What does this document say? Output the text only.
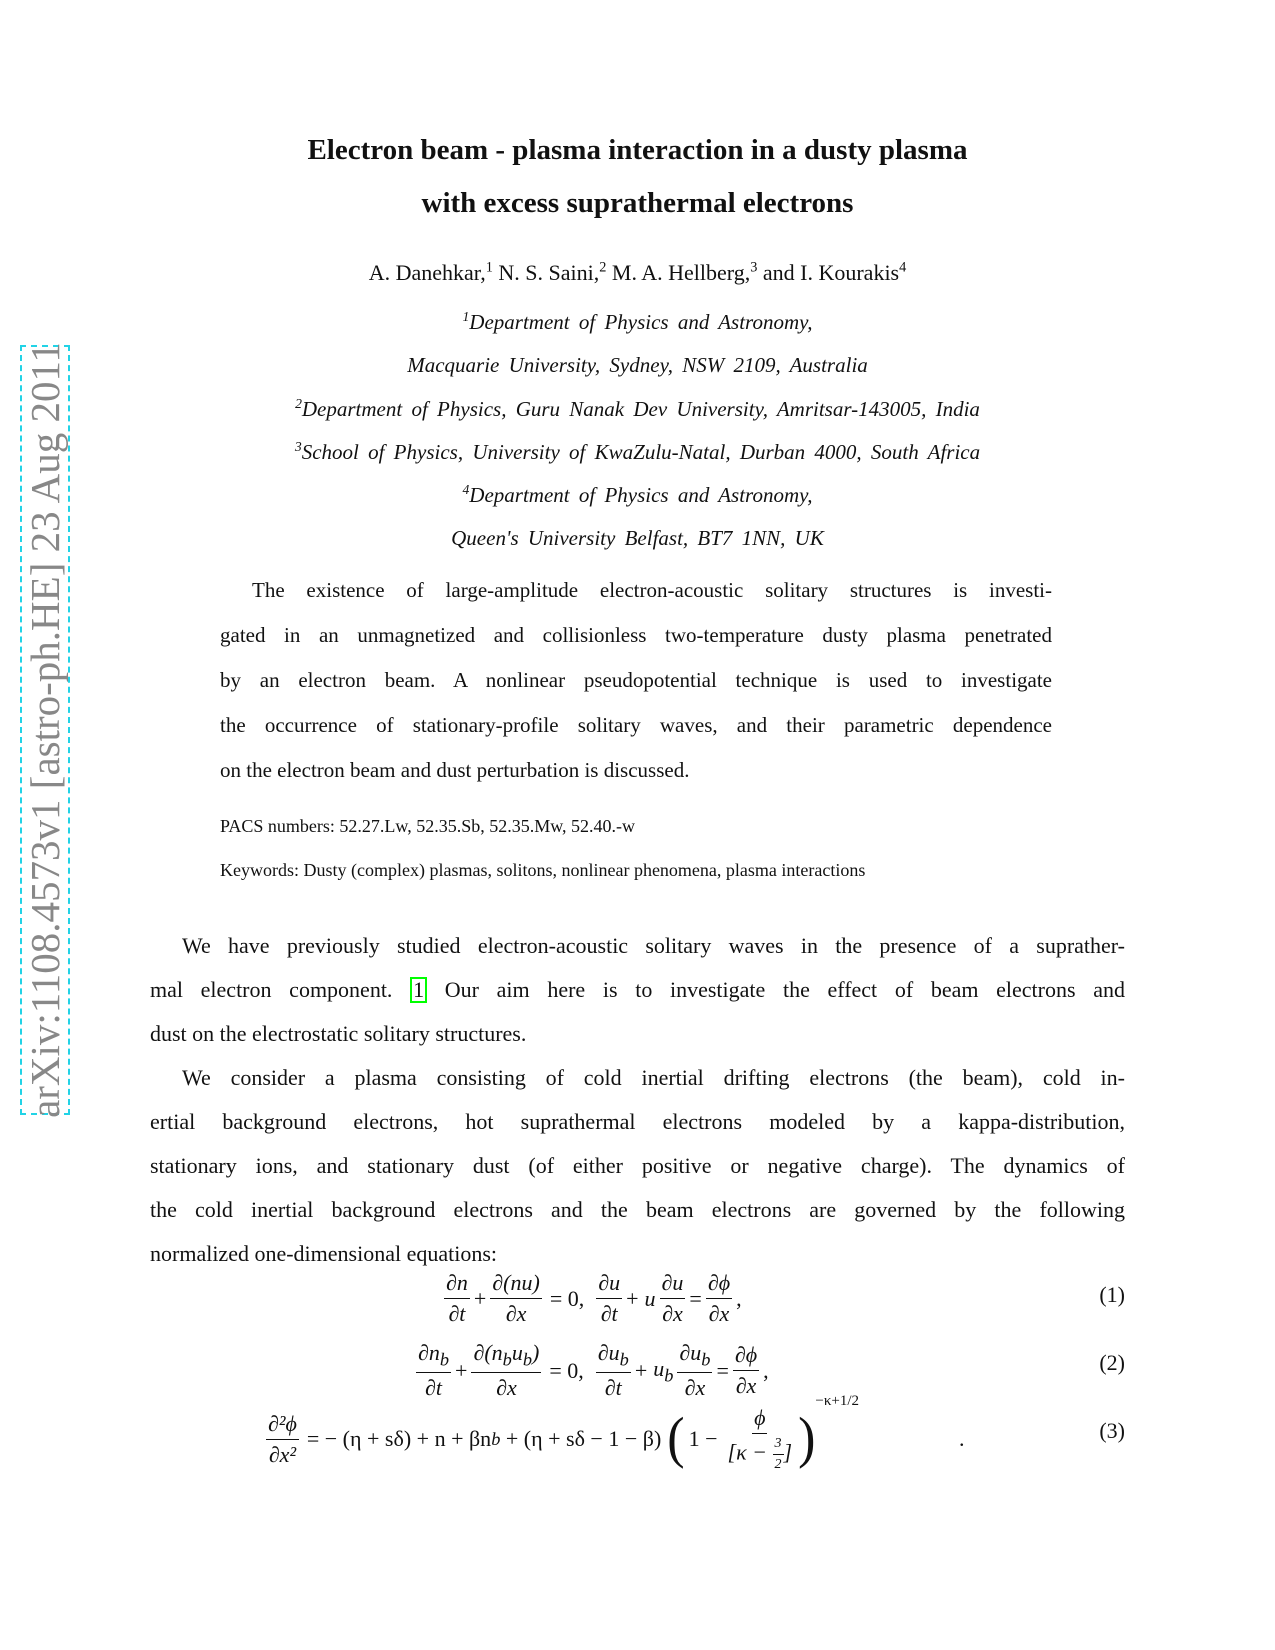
arXiv:1108.4573v1 [astro-ph.HE] 23 Aug 2011
Electron beam - plasma interaction in a dusty plasma
with excess suprathermal electrons
A. Danehkar,$^1$ N. S. Saini,$^2$ M. A. Hellberg,$^3$ and I. Kourakis$^4$
$^1$Department of Physics and Astronomy,
Macquarie University, Sydney, NSW 2109, Australia
$^2$Department of Physics, Guru Nanak Dev University, Amritsar-143005, India
$^3$School of Physics, University of KwaZulu-Natal, Durban 4000, South Africa
$^4$Department of Physics and Astronomy,
Queen's University Belfast, BT7 1NN, UK
The existence of large-amplitude electron-acoustic solitary structures is investi-
gated in an unmagnetized and collisionless two-temperature dusty plasma penetrated
by an electron beam. A nonlinear pseudopotential technique is used to investigate
the occurrence of stationary-profile solitary waves, and their parametric dependence
on the electron beam and dust perturbation is discussed.
PACS numbers: 52.27.Lw, 52.35.Sb, 52.35.Mw, 52.40.-w
Keywords: Dusty (complex) plasmas, solitons, nonlinear phenomena, plasma interactions
We have previously studied electron-acoustic solitary waves in the presence of a suprather-
mal electron component. 1 Our aim here is to investigate the effect of beam electrons and
dust on the electrostatic solitary structures.
We consider a plasma consisting of cold inertial drifting electrons (the beam), cold in-
ertial background electrons, hot suprathermal electrons modeled by a kappa-distribution,
stationary ions, and stationary dust (of either positive or negative charge). The dynamics of
the cold inertial background electrons and the beam electrons are governed by the following
normalized one-dimensional equations:
$\frac{\partial n}{\partial t} + \frac{\partial(nu)}{\partial x} = 0$, $\frac{\partial u}{\partial t} + u \frac{\partial u}{\partial x} = \frac{\partial\phi}{\partial x}$ ,	(1)
$\frac{\partial n_b}{\partial t} + \frac{\partial(n_bu_b)}{\partial x} = 0$, $\frac{\partial u_b}{\partial t} + u_b \frac{\partial u_b}{\partial x} = \frac{\partial\phi}{\partial x}$ ,	(2)
$\frac{\text{∂²ϕ}}{\text{∂x²}}$ = − (η + sδ) + n + βn b + (η + sδ − 1 − β) ( $1 - \frac{\phi}{[\kappa - \frac{3}{2} ]}$ )
−κ+1/2
.	(3)
